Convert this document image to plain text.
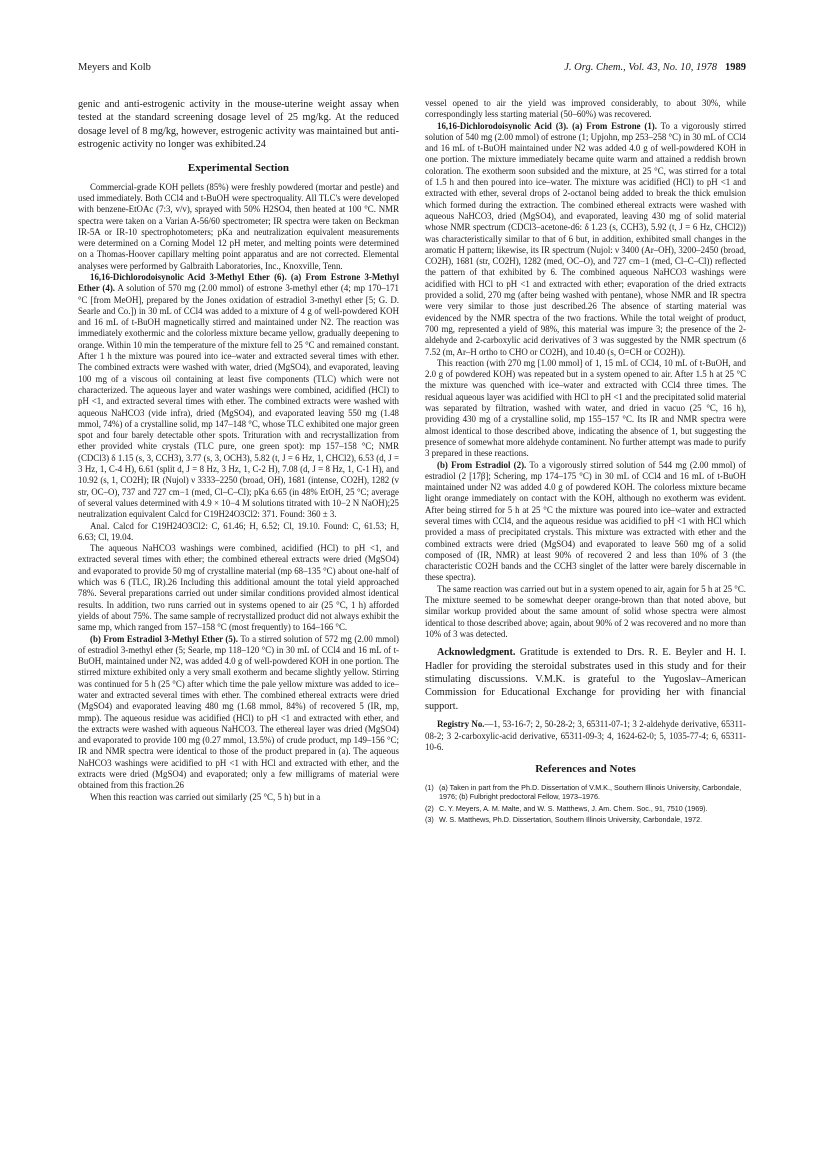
Meyers and Kolb	J. Org. Chem., Vol. 43, No. 10, 1978 1989

genic and anti-estrogenic activity in the mouse-uterine weight assay when tested at the standard screening dosage level of 25 mg/kg. At the reduced dosage level of 8 mg/kg, however, estrogenic activity was maintained but anti-estrogenic activity no longer was exhibited.24

Experimental Section

Commercial-grade KOH pellets (85%) were freshly powdered (mortar and pestle) and used immediately. Both CCl4 and t-BuOH were spectroquality. All TLC's were developed with benzene-EtOAc (7:3, v/v), sprayed with 50% H2SO4, then heated at 100 °C. NMR spectra were taken on a Varian A-56/60 spectrometer; IR spectra were taken on Beckman IR-5A or IR-10 spectrophotometers; pKa and neutralization equivalent measurements were determined on a Corning Model 12 pH meter, and melting points were determined on a Thomas-Hoover capillary melting point apparatus and are not corrected. Elemental analyses were performed by Galbraith Laboratories, Inc., Knoxville, Tenn.

16,16-Dichlorodoisynolic Acid 3-Methyl Ether (6). (a) From Estrone 3-Methyl Ether (4). A solution of 570 mg (2.00 mmol) of estrone 3-methyl ether (4; mp 170–171 °C [from MeOH], prepared by the Jones oxidation of estradiol 3-methyl ether [5; G. D. Searle and Co.]) in 30 mL of CCl4 was added to a mixture of 4 g of well-powdered KOH and 16 mL of t-BuOH magnetically stirred and maintained under N2. The reaction was immediately exothermic and the colorless mixture became yellow, gradually deepening to orange. Within 10 min the temperature of the mixture fell to 25 °C and remained constant. After 1 h the mixture was poured into ice–water and extracted several times with ether. The combined extracts were washed with water, dried (MgSO4), and evaporated, leaving 100 mg of a viscous oil containing at least five components (TLC) which were not characterized. The aqueous layer and water washings were combined, acidified (HCl) to pH <1, and extracted several times with ether. The combined extracts were washed with aqueous NaHCO3 (vide infra), dried (MgSO4), and evaporated leaving 550 mg (1.48 mmol, 74%) of a crystalline solid, mp 147–148 °C, whose TLC exhibited one major green spot and four barely detectable other spots. Trituration with and recrystallization from ether provided white crystals (TLC pure, one green spot): mp 157–158 °C; NMR (CDCl3) δ 1.15 (s, 3, CCH3), 3.77 (s, 3, OCH3), 5.82 (t, J = 6 Hz, 1, CHCl2), 6.53 (d, J = 3 Hz, 1, C-4 H), 6.61 (split d, J = 8 Hz, 3 Hz, 1, C-2 H), 7.08 (d, J = 8 Hz, 1, C-1 H), and 10.92 (s, 1, CO2H); IR (Nujol) ν 3333–2250 (broad, OH), 1681 (intense, CO2H), 1282 (v str, OC–O), 737 and 727 cm−1 (med, Cl–C–Cl); pKa 6.65 (in 48% EtOH, 25 °C; average of several values determined with 4.9 × 10−4 M solutions titrated with 10−2 N NaOH);25 neutralization equivalent Calcd for C19H24O3Cl2: 371. Found: 360 ± 3.

Anal. Calcd for C19H24O3Cl2: C, 61.46; H, 6.52; Cl, 19.10. Found: C, 61.53; H, 6.63; Cl, 19.04.

The aqueous NaHCO3 washings were combined, acidified (HCl) to pH <1, and extracted several times with ether; the combined ethereal extracts were dried (MgSO4) and evaporated to provide 50 mg of crystalline material (mp 68–135 °C) about one-half of which was 6 (TLC, IR).26 Including this additional amount the total yield approached 78%. Several preparations carried out under similar conditions provided almost identical results. In addition, two runs carried out in systems opened to air (25 °C, 1 h) afforded yields of about 75%. The same sample of recrystallized product did not always exhibit the same mp, which ranged from 157–158 °C (most frequently) to 164–166 °C.

(b) From Estradiol 3-Methyl Ether (5). To a stirred solution of 572 mg (2.00 mmol) of estradiol 3-methyl ether (5; Searle, mp 118–120 °C) in 30 mL of CCl4 and 16 mL of t-BuOH, maintained under N2, was added 4.0 g of well-powdered KOH in one portion. The stirred mixture exhibited only a very small exotherm and became slightly yellow. Stirring was continued for 5 h (25 °C) after which time the pale yellow mixture was added to ice–water and extracted several times with ether. The combined ethereal extracts were dried (MgSO4) and evaporated leaving 480 mg (1.68 mmol, 84%) of recovered 5 (IR, mp, mmp). The aqueous residue was acidified (HCl) to pH <1 and extracted with ether, and the extracts were washed with aqueous NaHCO3. The ethereal layer was dried (MgSO4) and evaporated to provide 100 mg (0.27 mmol, 13.5%) of crude product, mp 149–156 °C; IR and NMR spectra were identical to those of the product prepared in (a). The aqueous NaHCO3 washings were acidified to pH <1 with HCl and extracted with ether, and the extracts were dried (MgSO4) and evaporated; only a few milligrams of material were obtained from this fraction.26

When this reaction was carried out similarly (25 °C, 5 h) but in a

vessel opened to air the yield was improved considerably, to about 30%, while correspondingly less starting material (50–60%) was recovered.

16,16-Dichlorodoisynolic Acid (3). (a) From Estrone (1). To a vigorously stirred solution of 540 mg (2.00 mmol) of estrone (1; Upjohn, mp 253–258 °C) in 30 mL of CCl4 and 16 mL of t-BuOH maintained under N2 was added 4.0 g of well-powdered KOH in one portion. The mixture immediately became quite warm and attained a reddish brown coloration. The exotherm soon subsided and the mixture, at 25 °C, was stirred for a total of 1.5 h and then poured into ice–water. The mixture was acidified (HCl) to pH <1 and extracted with ether, several drops of 2-octanol being added to break the thick emulsion which formed during the extraction. The combined ethereal extracts were washed with aqueous NaHCO3, dried (MgSO4), and evaporated, leaving 430 mg of solid material whose NMR spectrum (CDCl3–acetone-d6: δ 1.23 (s, CCH3), 5.92 (t, J = 6 Hz, CHCl2)) was characteristically similar to that of 6 but, in addition, exhibited small changes in the aromatic H pattern; likewise, its IR spectrum (Nujol: ν 3400 (Ar–OH), 3200–2450 (broad, CO2H), 1681 (str, CO2H), 1282 (med, OC–O), and 727 cm−1 (med, Cl–C–Cl)) reflected the pattern of that exhibited by 6. The combined aqueous NaHCO3 washings were acidified with HCl to pH <1 and extracted with ether; evaporation of the dried extracts provided a solid, 270 mg (after being washed with pentane), whose NMR and IR spectra were very similar to those just described.26 The absence of starting material was evidenced by the NMR spectra of the two fractions. While the total weight of product, 700 mg, represented a yield of 98%, this material was impure 3; the presence of the 2-aldehyde and 2-carboxylic acid derivatives of 3 was suggested by the NMR spectrum (δ 7.52 (m, Ar–H ortho to CHO or CO2H), and 10.40 (s, O=CH or CO2H)).

This reaction (with 270 mg [1.00 mmol] of 1, 15 mL of CCl4, 10 mL of t-BuOH, and 2.0 g of powdered KOH) was repeated but in a system opened to air. After 1.5 h at 25 °C the mixture was quenched with ice–water and extracted with CCl4 three times. The residual aqueous layer was acidified with HCl to pH <1 and the precipitated solid material was separated by filtration, washed with water, and dried in vacuo (25 °C, 16 h), providing 430 mg of a crystalline solid, mp 155–157 °C. Its IR and NMR spectra were almost identical to those described above, indicating the absence of 1, but suggesting the presence of somewhat more aldehyde contaminent. No further attempt was made to purify 3 prepared in these reactions.

(b) From Estradiol (2). To a vigorously stirred solution of 544 mg (2.00 mmol) of estradiol (2 [17β]; Schering, mp 174–175 °C) in 30 mL of CCl4 and 16 mL of t-BuOH maintained under N2 was added 4.0 g of powdered KOH. The colorless mixture became light orange immediately on contact with the KOH, although no exotherm was evident. After being stirred for 5 h at 25 °C the mixture was poured into ice–water and extracted several times with CCl4, and the aqueous residue was acidified to pH <1 with HCl which provided a mass of precipitated crystals. This mixture was extracted with ether and the combined extracts were dried (MgSO4) and evaporated to leave 560 mg of a solid composed of (IR, NMR) at least 90% of recovered 2 and less than 10% of 3 (the characteristic CO2H bands and the CCH3 singlet of the latter were barely discernable in these spectra).

The same reaction was carried out but in a system opened to air, again for 5 h at 25 °C. The mixture seemed to be somewhat deeper orange-brown than that noted above, but similar workup provided about the same amount of solid whose spectra were almost identical to those described above; again, about 90% of 2 was recovered and no more than 10% of 3 was detected.

Acknowledgment. Gratitude is extended to Drs. R. E. Beyler and H. I. Hadler for providing the steroidal substrates used in this study and for their stimulating discussions. V.M.K. is grateful to the Yugoslav–American Commission for Educational Exchange for providing her with financial support.

Registry No.—1, 53-16-7; 2, 50-28-2; 3, 65311-07-1; 3 2-aldehyde derivative, 65311-08-2; 3 2-carboxylic-acid derivative, 65311-09-3; 4, 1624-62-0; 5, 1035-77-4; 6, 65311-10-6.

References and Notes
(1) (a) Taken in part from the Ph.D. Dissertation of V.M.K., Southern Illinois University, Carbondale, 1976; (b) Fulbright predoctoral Fellow, 1973–1976.
(2) C. Y. Meyers, A. M. Malte, and W. S. Matthews, J. Am. Chem. Soc., 91, 7510 (1969).
(3) W. S. Matthews, Ph.D. Dissertation, Southern Illinois University, Carbondale, 1972.
